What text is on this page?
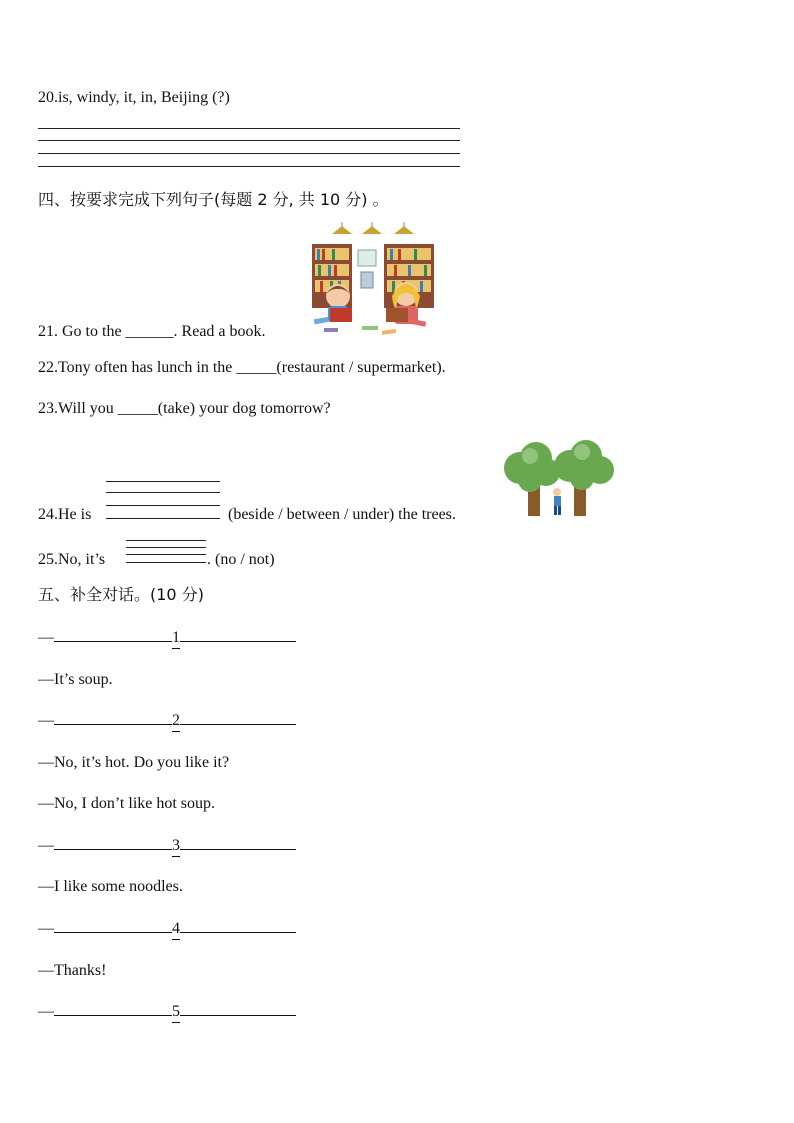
20.is, windy, it, in, Beijing (?)
四、按要求完成下列句子(每题 2 分, 共 10 分) 。
21. Go to the ______. Read a book.
22.Tony often has lunch in the _____(restaurant / supermarket).
23.Will you _____(take) your dog tomorrow?
24.He is	(beside / between / under) the trees.
25.No, it’s	. (no / not)
五、补全对话。(10 分)
—	1
—It’s soup.
—	2
—No, it’s hot. Do you like it?
—No, I don’t like hot soup.
—	3
—I like some noodles.
—	4
—Thanks!
—	5
